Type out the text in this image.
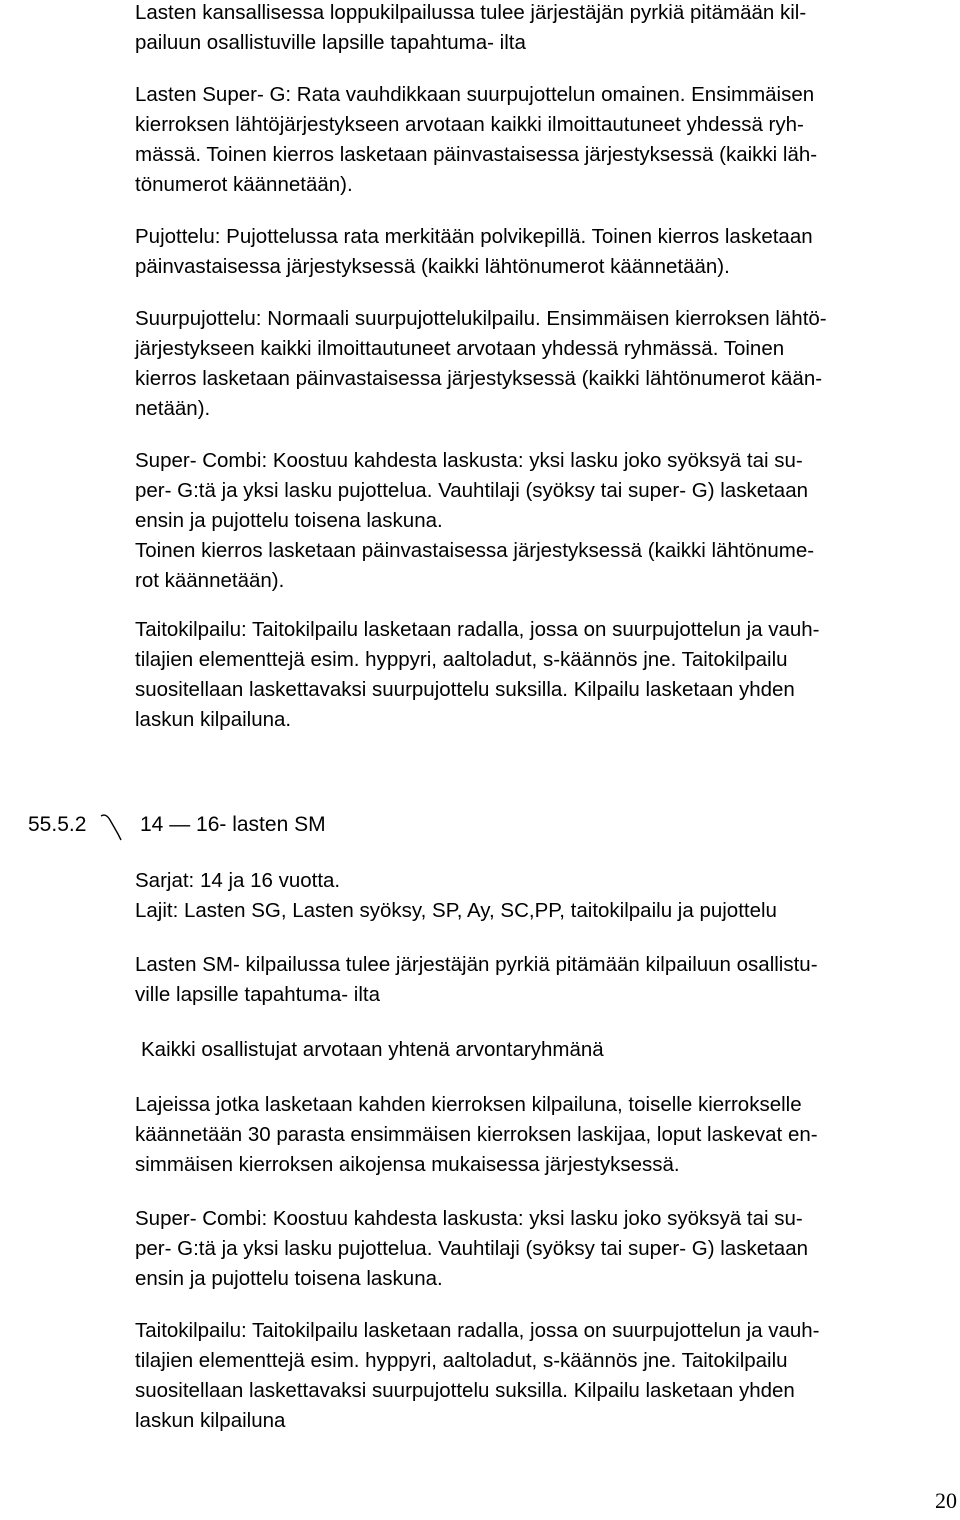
Lasten kansallisessa loppukilpailussa tulee järjestäjän pyrkiä pitämään kil-
pailuun osallistuville lapsille tapahtuma- ilta

Lasten Super- G: Rata vauhdikkaan suurpujottelun omainen. Ensimmäisen
kierroksen lähtöjärjestykseen arvotaan kaikki ilmoittautuneet yhdessä ryh-
mässä. Toinen kierros lasketaan päinvastaisessa järjestyksessä (kaikki läh-
tönumerot käännetään).

Pujottelu: Pujottelussa rata merkitään polvikepillä. Toinen kierros lasketaan
päinvastaisessa järjestyksessä (kaikki lähtönumerot käännetään).

Suurpujottelu: Normaali suurpujottelukilpailu. Ensimmäisen kierroksen lähtö-
järjestykseen kaikki ilmoittautuneet arvotaan yhdessä ryhmässä. Toinen
kierros lasketaan päinvastaisessa järjestyksessä (kaikki lähtönumerot kään-
netään).

Super- Combi: Koostuu kahdesta laskusta: yksi lasku joko syöksyä tai su-
per- G:tä ja yksi lasku pujottelua. Vauhtilaji (syöksy tai super- G) lasketaan
ensin ja pujottelu toisena laskuna.
Toinen kierros lasketaan päinvastaisessa järjestyksessä (kaikki lähtönume-
rot käännetään).

Taitokilpailu: Taitokilpailu lasketaan radalla, jossa on suurpujottelun ja vauh-
tilajien elementtejä esim. hyppyri, aaltoladut, s-käännös jne. Taitokilpailu
suositellaan laskettavaksi suurpujottelu suksilla. Kilpailu lasketaan yhden
laskun kilpailuna.

55.5.2	14 — 16- lasten SM

Sarjat: 14 ja 16 vuotta.
Lajit: Lasten SG, Lasten syöksy, SP, Ay, SC,PP, taitokilpailu ja pujottelu

Lasten SM- kilpailussa tulee järjestäjän pyrkiä pitämään kilpailuun osallistu-
ville lapsille tapahtuma- ilta

Kaikki osallistujat arvotaan yhtenä arvontaryhmänä

Lajeissa jotka lasketaan kahden kierroksen kilpailuna, toiselle kierrokselle
käännetään 30 parasta ensimmäisen kierroksen laskijaa, loput laskevat en-
simmäisen kierroksen aikojensa mukaisessa järjestyksessä.

Super- Combi: Koostuu kahdesta laskusta: yksi lasku joko syöksyä tai su-
per- G:tä ja yksi lasku pujottelua. Vauhtilaji (syöksy tai super- G) lasketaan
ensin ja pujottelu toisena laskuna.

Taitokilpailu: Taitokilpailu lasketaan radalla, jossa on suurpujottelun ja vauh-
tilajien elementtejä esim. hyppyri, aaltoladut, s-käännös jne. Taitokilpailu
suositellaan laskettavaksi suurpujottelu suksilla. Kilpailu lasketaan yhden
laskun kilpailuna

20
